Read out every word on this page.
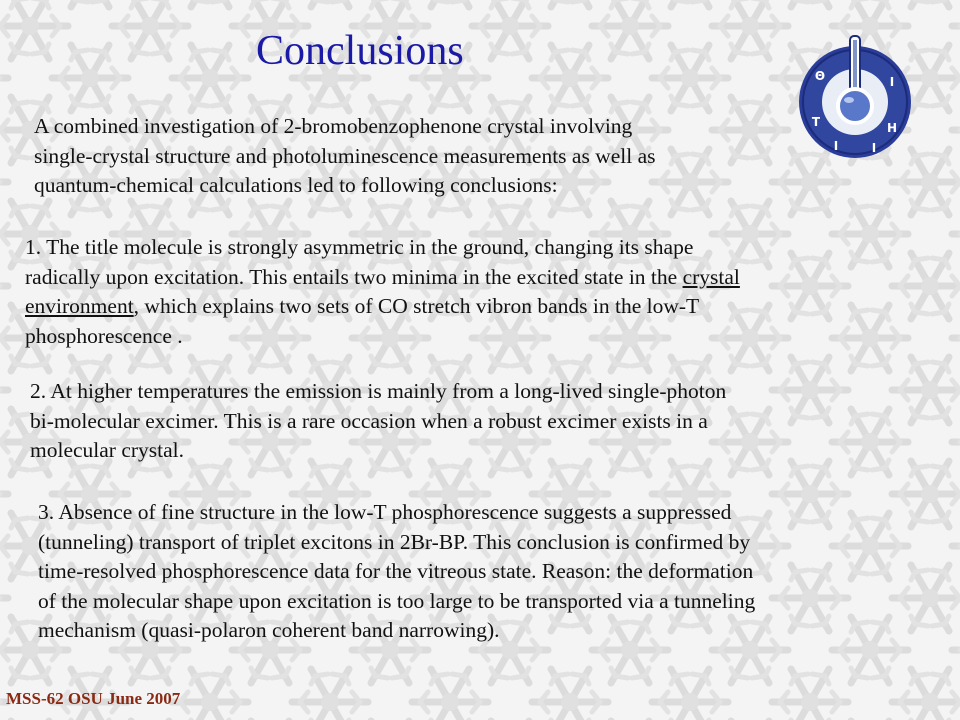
Conclusions
Θ
Τ
Ι
Η
Ι
Ι
A combined investigation of 2-bromobenzophenone crystal involving
single-crystal structure and photoluminescence measurements as well as
quantum-chemical calculations led to following conclusions:
1. The title molecule is strongly asymmetric in the ground, changing its shape
radically upon excitation. This entails two minima in the excited state in the crystal
environment, which explains two sets of CO stretch vibron bands in the low-T
phosphorescence .
2. At higher temperatures the emission is mainly from a long-lived single-photon
bi-molecular excimer. This is a rare occasion when a robust excimer exists in a
molecular crystal.
3. Absence of fine structure in the low-T phosphorescence suggests a suppressed
(tunneling) transport of triplet excitons in 2Br-BP. This conclusion is confirmed by
time-resolved phosphorescence data for the vitreous state. Reason: the deformation
of the molecular shape upon excitation is too large to be transported via a tunneling
mechanism (quasi-polaron coherent band narrowing).
MSS-62 OSU June 2007
